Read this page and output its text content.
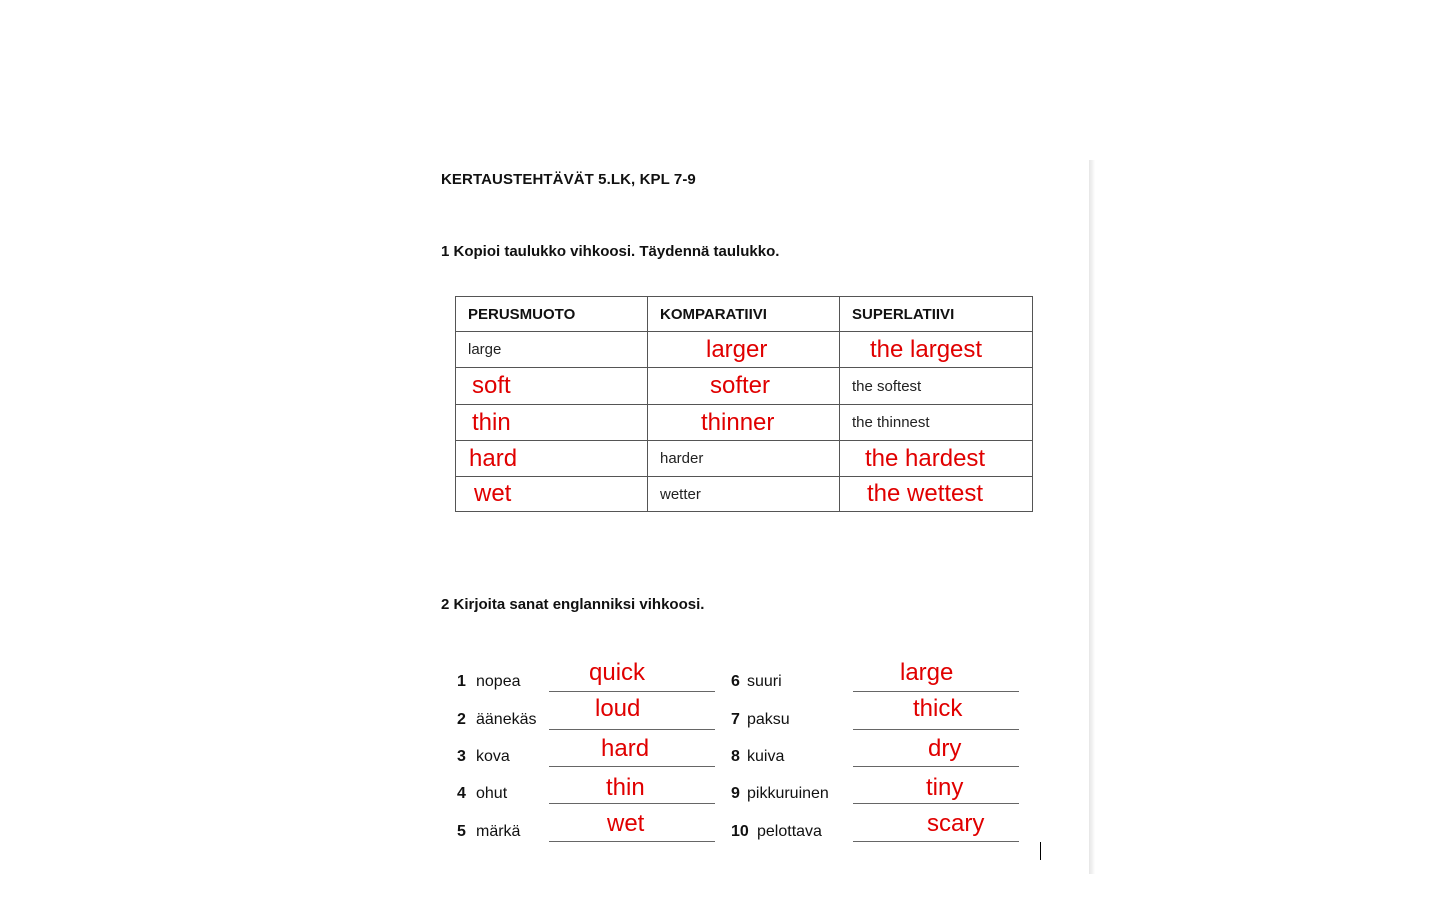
KERTAUSTEHTÄVÄT 5.LK, KPL 7-9
1 Kopioi taulukko vihkoosi. Täydennä taulukko.
PERUSMUOTO	KOMPARATIIVI	SUPERLATIIVI

large	larger	the largest

soft	softer	the softest

thin	thinner	the thinnest

hard	harder	the hardest

wet	wetter	the wettest
2 Kirjoita sanat englanniksi vihkoosi.
1 nopea	quick
2 äänekäs loud
3 kova	hard
4 ohut	thin
5 märkä	wet
6 suuri	large
7 paksu	thick
8 kuiva	dry
9 pikkuruinen	tiny
10 pelottava	scary
